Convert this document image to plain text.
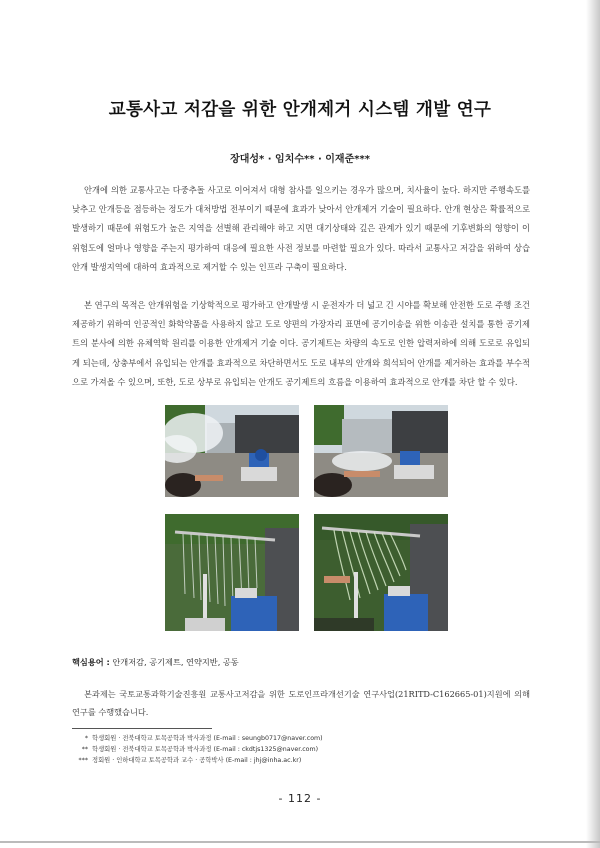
교통사고 저감을 위한 안개제거 시스템 개발 연구
장대성* · 임치수** · 이재준***

안개에 의한 교통사고는 다중추돌 사고로 이어져서 대형 참사를 일으키는 경우가 많으며, 치사율이 높다. 하지만 주행속도를 낮추고 안개등을 점등하는 정도가 대처방법 전부이기 때문에 효과가 낮아서 안개제거 기술이 필요하다. 안개 현상은 확률적으로 발생하기 때문에 위험도가 높은 지역을 선별해 관리해야 하고 지면 대기상태와 깊은 관계가 있기 때문에 기후변화의 영향이 이 위험도에 얼마나 영향을 주는지 평가하여 대응에 필요한 사전 정보를 마련할 필요가 있다. 따라서 교통사고 저감을 위하여 상습 안개 발생지역에 대하여 효과적으로 제거할 수 있는 인프라 구축이 필요하다.

본 연구의 목적은 안개위험을 기상학적으로 평가하고 안개발생 시 운전자가 더 넓고 긴 시야를 확보해 안전한 도로 주행 조건 제공하기 위하여 인공적인 화학약품을 사용하지 않고 도로 양편의 가장자리 표면에 공기이송을 위한 이송관 설치를 통한 공기제트의 분사에 의한 유체역학 원리를 이용한 안개제거 기술 이다. 공기제트는 차량의 속도로 인한 압력저하에 의해 도로로 유입되게 되는데, 상충부에서 유입되는 안개를 효과적으로 차단하면서도 도로 내부의 안개와 희석되어 안개를 제거하는 효과를 부수적으로 가져올 수 있으며, 또한, 도로 상부로 유입되는 안개도 공기제트의 흐름을 이용하여 효과적으로 안개를 차단 할 수 있다.

핵심용어 : 안개저감, 공기제트, 연약지반, 공동
본과제는 국토교통과학기술진흥원 교통사고저감을 위한 도로인프라개선기술 연구사업(21RITD-C162665-01)지원에 의해 연구를 수행했습니다.
* 학생회원 · 전북대학교 토목공학과 박사과정 (E-mail : seungb0717@naver.com)
** 학생회원 · 전북대학교 토목공학과 박사과정 (E-mail : ckdtjs1325@naver.com)
*** 정회원 · 인하대학교 토목공학과 교수 · 공학박사 (E-mail : jhj@inha.ac.kr)
- 112 -
